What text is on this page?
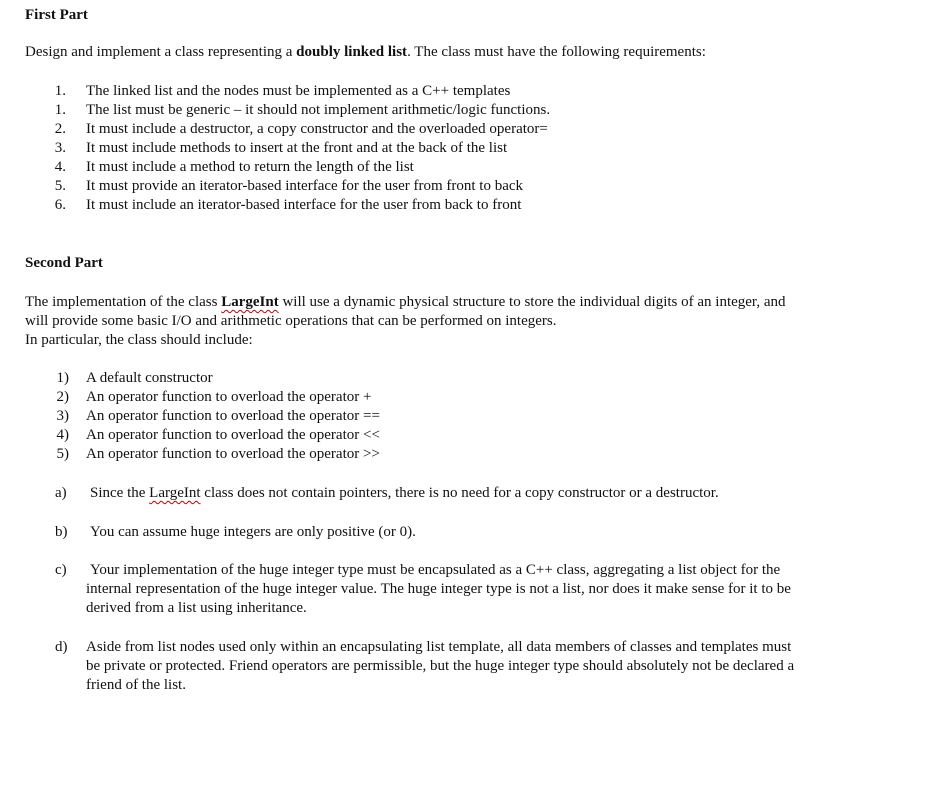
First Part
Design and implement a class representing a doubly linked list. The class must have the following requirements:
1. The linked list and the nodes must be implemented as a C++ templates
1. The list must be generic – it should not implement arithmetic/logic functions.
2. It must include a destructor, a copy constructor and the overloaded operator=
3. It must include methods to insert at the front and at the back of the list
4. It must include a method to return the length of the list
5. It must provide an iterator-based interface for the user from front to back
6. It must include an iterator-based interface for the user from back to front
Second Part
The implementation of the class LargeInt will use a dynamic physical structure to store the individual digits of an integer, and
will provide some basic I/O and arithmetic operations that can be performed on integers.
In particular, the class should include:
1) A default constructor
2) An operator function to overload the operator +
3) An operator function to overload the operator ==
4) An operator function to overload the operator <<
5) An operator function to overload the operator >>
a) Since the LargeInt class does not contain pointers, there is no need for a copy constructor or a destructor.
b) You can assume huge integers are only positive (or 0).
c) Your implementation of the huge integer type must be encapsulated as a C++ class, aggregating a list object for the
internal representation of the huge integer value. The huge integer type is not a list, nor does it make sense for it to be
derived from a list using inheritance.
d) Aside from list nodes used only within an encapsulating list template, all data members of classes and templates must
be private or protected. Friend operators are permissible, but the huge integer type should absolutely not be declared a
friend of the list.
